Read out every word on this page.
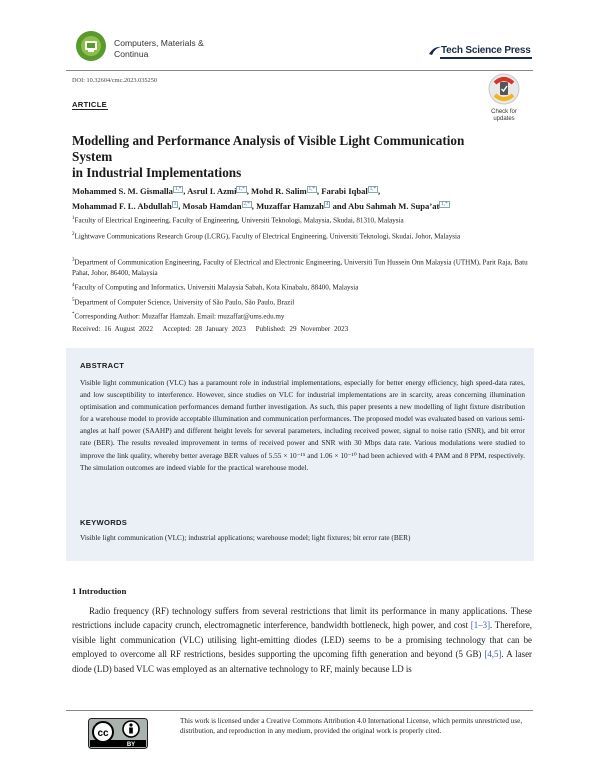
Computers, Materials &
Continua	Tech Science Press
DOI: 10.32604/cmc.2023.035250
ARTICLE
Check for
updates
Modelling and Performance Analysis of Visible Light Communication System
in Industrial Implementations
Mohammed S. M. Gismalla $^{1,*}$ , Asrul I. Azmi $^{1,*}$ , Mohd R. Salim $^{1,*}$ , Farabi Iqbal $^{1,*}$ ,
Mohammad F. L. Abdullah $^3$ , Mosab Hamdan $^{2,*}$ , Muzaffar Hamzah $^4$ and Abu Sahmah M. Supa’at $^{1,*}$
$^1$Faculty of Electrical Engineering, Faculty of Engineering, Universiti Teknologi, Malaysia, Skudai, 81310, Malaysia
$^2$Lightwave Communications Research Group (LCRG), Faculty of Electrical Engineering, Universiti Teknologi, Skudai, Johor, Malaysia
$^3$Department of Communication Engineering, Faculty of Electrical and Electronic Engineering, Universiti Tun Hussein Onn Malaysia (UTHM), Parit Raja, Batu Pahat, Johor, 86400, Malaysia
$^4$Faculty of Computing and Informatics, Universiti Malaysia Sabah, Kota Kinabalu, 88400, Malaysia
$^5$Department of Computer Science, University of São Paulo, São Paulo, Brazil
*Corresponding Author: Muzaffar Hamzah. Email: muzaffar@ums.edu.my
Received: 16 August 2022 Accepted: 28 January 2023 Published: 29 November 2023
ABSTRACT
Visible light communication (VLC) has a paramount role in industrial implementations, especially for better energy efficiency, high speed-data rates, and low susceptibility to interference. However, since studies on VLC for industrial implementations are in scarcity, areas concerning illumination optimisation and communication performances demand further investigation. As such, this paper presents a new modelling of light fixture distribution for a warehouse model to provide acceptable illumination and communication performances. The proposed model was evaluated based on various semi-angles at half power (SAAHP) and different height levels for several parameters, including received power, signal to noise ratio (SNR), and bit error rate (BER). The results revealed improvement in terms of received power and SNR with 30 Mbps data rate. Various modulations were studied to improve the link quality, whereby better average BER values of 5.55 × 10⁻¹⁵ and 1.06 × 10⁻¹⁰ had been achieved with 4 PAM and 8 PPM, respectively. The simulation outcomes are indeed viable for the practical warehouse model.
KEYWORDS
Visible light communication (VLC); industrial applications; warehouse model; light fixtures; bit error rate (BER)
1 Introduction
Radio frequency (RF) technology suffers from several restrictions that limit its performance in many applications. These restrictions include capacity crunch, electromagnetic interference, bandwidth bottleneck, high power, and cost [1–3]. Therefore, visible light communication (VLC) utilising light-emitting diodes (LED) seems to be a promising technology that can be employed to overcome all RF restrictions, besides supporting the upcoming fifth generation and beyond (5 GB) [4,5]. A laser diode (LD) based VLC was employed as an alternative technology to RF, mainly because LD is
cc
BY
This work is licensed under a Creative Commons Attribution 4.0 International License, which permits unrestricted use, distribution, and reproduction in any medium, provided the original work is properly cited.
